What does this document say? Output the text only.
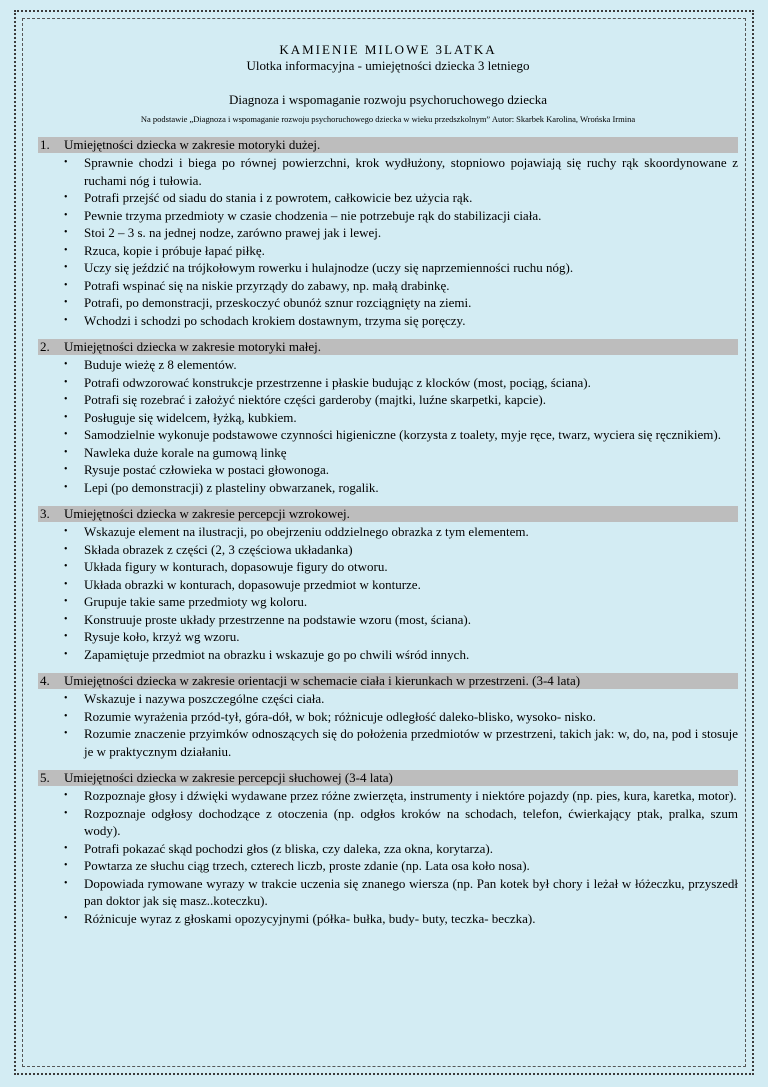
KAMIENIE MILOWE 3LATKA
Ulotka informacyjna - umiejętności dziecka 3 letniego
Diagnoza i wspomaganie rozwoju psychoruchowego dziecka
Na podstawie „Diagnoza i wspomaganie rozwoju psychoruchowego dziecka w wieku przedszkolnym” Autor: Skarbek Karolina, Wrońska Irmina
1. Umiejętności dziecka w zakresie motoryki dużej.
• Sprawnie chodzi i biega po równej powierzchni, krok wydłużony, stopniowo pojawiają się ruchy rąk skoordynowane z ruchami nóg i tułowia.
• Potrafi przejść od siadu do stania i z powrotem, całkowicie bez użycia rąk.
• Pewnie trzyma przedmioty w czasie chodzenia – nie potrzebuje rąk do stabilizacji ciała.
• Stoi 2 – 3 s. na jednej nodze, zarówno prawej jak i lewej.
• Rzuca, kopie i próbuje łapać piłkę.
• Uczy się jeździć na trójkołowym rowerku i hulajnodze (uczy się naprzemienności ruchu nóg).
• Potrafi wspinać się na niskie przyrządy do zabawy, np. małą drabinkę.
• Potrafi, po demonstracji, przeskoczyć obunóż sznur rozciągnięty na ziemi.
• Wchodzi i schodzi po schodach krokiem dostawnym, trzyma się poręczy.
2. Umiejętności dziecka w zakresie motoryki małej.
• Buduje wieżę z 8 elementów.
• Potrafi odwzorować konstrukcje przestrzenne i płaskie budując z klocków (most, pociąg, ściana).
• Potrafi się rozebrać i założyć niektóre części garderoby (majtki, luźne skarpetki, kapcie).
• Posługuje się widelcem, łyżką, kubkiem.
• Samodzielnie wykonuje podstawowe czynności higieniczne (korzysta z toalety, myje ręce, twarz, wyciera się ręcznikiem).
• Nawleka duże korale na gumową linkę
• Rysuje postać człowieka w postaci głowonoga.
• Lepi (po demonstracji) z plasteliny obwarzanek, rogalik.
3. Umiejętności dziecka w zakresie percepcji wzrokowej.
• Wskazuje element na ilustracji, po obejrzeniu oddzielnego obrazka z tym elementem.
• Składa obrazek z części (2, 3 częściowa układanka)
• Układa figury w konturach, dopasowuje figury do otworu.
• Układa obrazki w konturach, dopasowuje przedmiot w konturze.
• Grupuje takie same przedmioty wg koloru.
• Konstruuje proste układy przestrzenne na podstawie wzoru (most, ściana).
• Rysuje koło, krzyż wg wzoru.
• Zapamiętuje przedmiot na obrazku i wskazuje go po chwili wśród innych.
4. Umiejętności dziecka w zakresie orientacji w schemacie ciała i kierunkach w przestrzeni. (3-4 lata)
• Wskazuje i nazywa poszczególne części ciała.
• Rozumie wyrażenia przód-tył, góra-dół, w bok; różnicuje odległość daleko-blisko, wysoko- nisko.
• Rozumie znaczenie przyimków odnoszących się do położenia przedmiotów w przestrzeni, takich jak: w, do, na, pod i stosuje je w praktycznym działaniu.
5. Umiejętności dziecka w zakresie percepcji słuchowej (3-4 lata)
• Rozpoznaje głosy i dźwięki wydawane przez różne zwierzęta, instrumenty i niektóre pojazdy (np. pies, kura, karetka, motor).
• Rozpoznaje odgłosy dochodzące z otoczenia (np. odgłos kroków na schodach, telefon, ćwierkający ptak, pralka, szum wody).
• Potrafi pokazać skąd pochodzi głos (z bliska, czy daleka, zza okna, korytarza).
• Powtarza ze słuchu ciąg trzech, czterech liczb, proste zdanie (np. Lata osa koło nosa).
• Dopowiada rymowane wyrazy w trakcie uczenia się znanego wiersza (np. Pan kotek był chory i leżał w łóżeczku, przyszedł pan doktor jak się masz..koteczku).
• Różnicuje wyraz z głoskami opozycyjnymi (półka- bułka, budy- buty, teczka- beczka).
